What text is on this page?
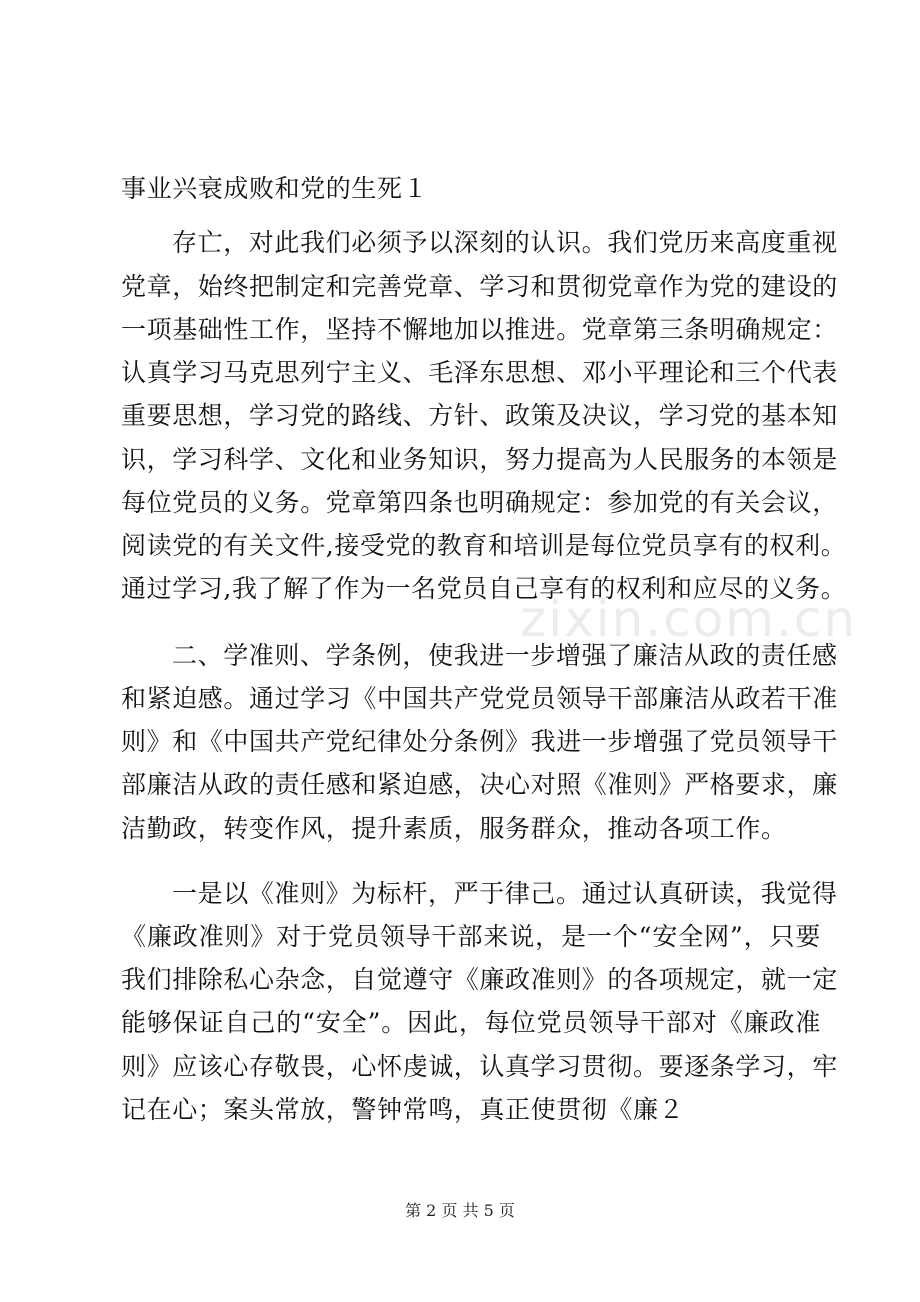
事业兴衰成败和党的生死１
存亡，对此我们必须予以深刻的认识。我们党历来高度重视
党章，始终把制定和完善党章、学习和贯彻党章作为党的建设的
一项基础性工作，坚持不懈地加以推进。党章第三条明确规定：
认真学习马克思列宁主义、毛泽东思想、邓小平理论和三个代表
重要思想，学习党的路线、方针、政策及决议，学习党的基本知
识，学习科学、文化和业务知识，努力提高为人民服务的本领是
每位党员的义务。党章第四条也明确规定：参加党的有关会议，
阅读党的有关文件,接受党的教育和培训是每位党员享有的权利。
通过学习,我了解了作为一名党员自己享有的权利和应尽的义务。
zixin.com.cn
二、学准则、学条例，使我进一步增强了廉洁从政的责任感
和紧迫感。通过学习《中国共产党党员领导干部廉洁从政若干准
则》和《中国共产党纪律处分条例》我进一步增强了党员领导干
部廉洁从政的责任感和紧迫感，决心对照《准则》严格要求，廉
洁勤政，转变作风，提升素质，服务群众，推动各项工作。
一是以《准则》为标杆，严于律己。通过认真研读，我觉得
《廉政准则》对于党员领导干部来说，是一个“安全网”，只要
我们排除私心杂念，自觉遵守《廉政准则》的各项规定，就一定
能够保证自己的“安全”。因此，每位党员领导干部对《廉政准
则》应该心存敬畏，心怀虔诚，认真学习贯彻。要逐条学习，牢
记在心；案头常放，警钟常鸣，真正使贯彻《廉２
第 2 页 共 5 页
